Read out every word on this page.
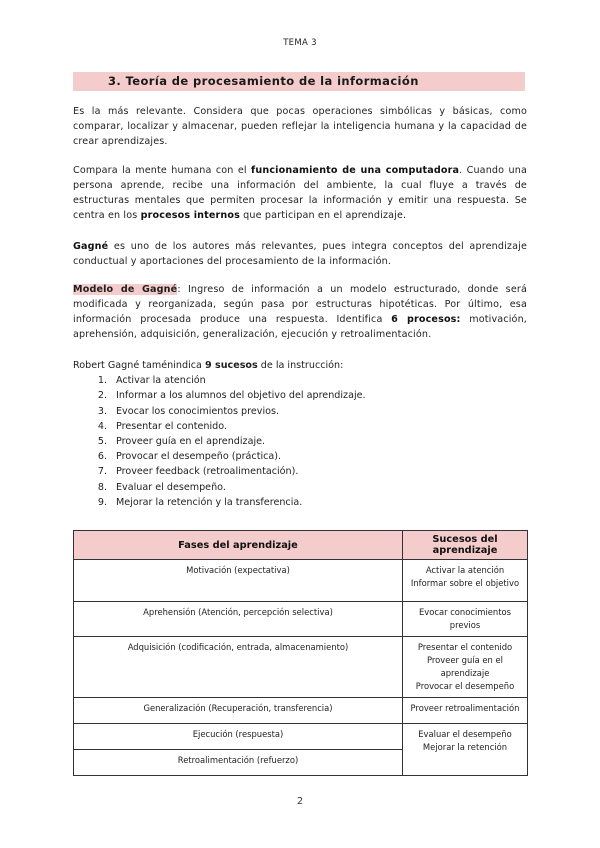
TEMA 3
3. Teoría de procesamiento de la información

Es la más relevante. Considera que pocas operaciones simbólicas y básicas, como comparar, localizar y almacenar, pueden reflejar la inteligencia humana y la capacidad de crear aprendizajes.

Compara la mente humana con el funcionamiento de una computadora. Cuando una persona aprende, recibe una información del ambiente, la cual fluye a través de estructuras mentales que permiten procesar la información y emitir una respuesta. Se centra en los procesos internos que participan en el aprendizaje.

Gagné es uno de los autores más relevantes, pues integra conceptos del aprendizaje conductual y aportaciones del procesamiento de la información.

Modelo de Gagné: Ingreso de información a un modelo estructurado, donde será modificada y reorganizada, según pasa por estructuras hipotéticas. Por último, esa información procesada produce una respuesta. Identifica 6 procesos: motivación, aprehensión, adquisición, generalización, ejecución y retroalimentación.

Robert Gagné taménindica 9 sucesos de la instrucción:
1. Activar la atención
2. Informar a los alumnos del objetivo del aprendizaje.
3. Evocar los conocimientos previos.
4. Presentar el contenido.
5. Proveer guía en el aprendizaje.
6. Provocar el desempeño (práctica).
7. Proveer feedback (retroalimentación).
8. Evaluar el desempeño.
9. Mejorar la retención y la transferencia.
Fases del aprendizaje	Sucesos del aprendizaje
Motivación (expectativa)	Activar la atención
Informar sobre el objetivo

Aprehensión (Atención, percepción selectiva)	Evocar conocimientos previos

Adquisición (codificación, entrada, almacenamiento)	Presentar el contenido
Proveer guía en el aprendizaje
Provocar el desempeño

Generalización (Recuperación, transferencia)	Proveer retroalimentación

Ejecución (respuesta)	Evaluar el desempeño
Mejorar la retención

Retroalimentación (refuerzo)	
2
